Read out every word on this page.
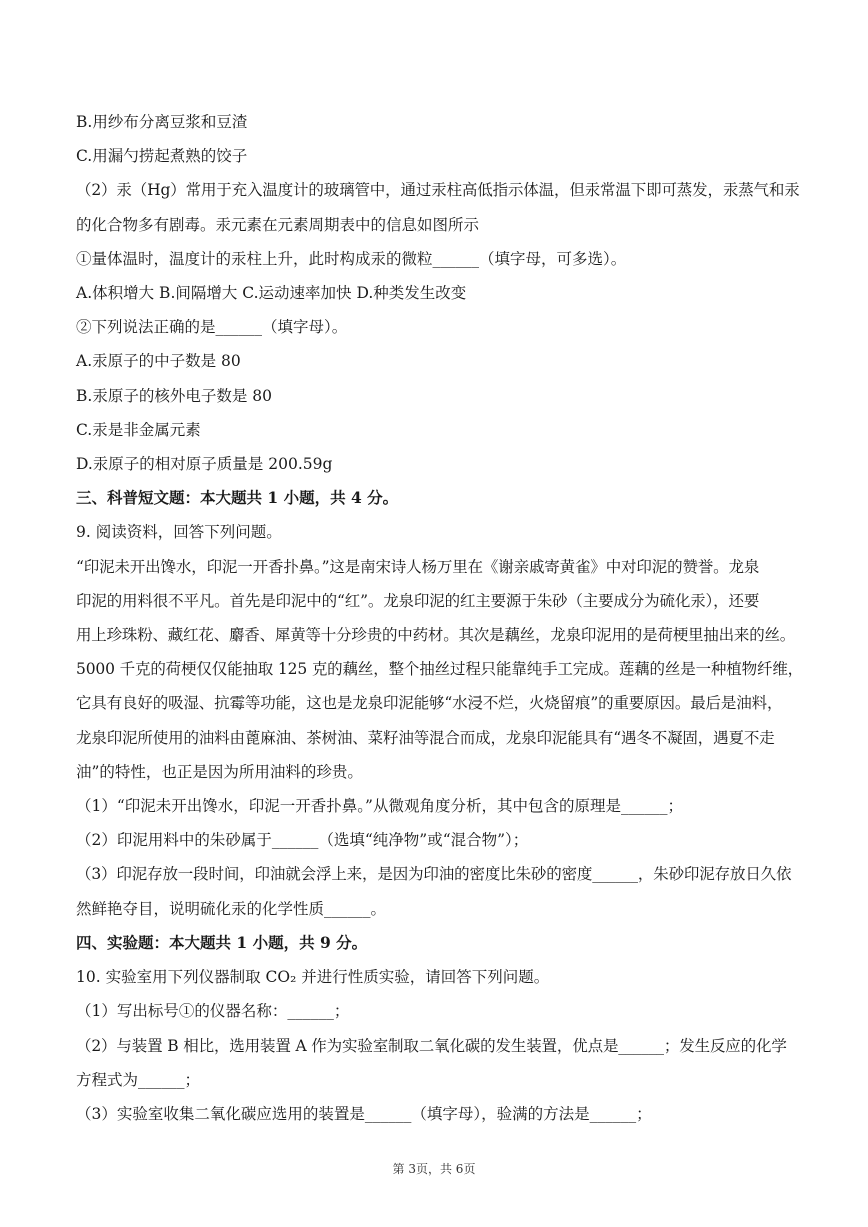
B.用纱布分离豆浆和豆渣
C.用漏勺捞起煮熟的饺子
（2）汞（Hg）常用于充入温度计的玻璃管中，通过汞柱高低指示体温，但汞常温下即可蒸发，汞蒸气和汞
的化合物多有剧毒。汞元素在元素周期表中的信息如图所示
①量体温时，温度计的汞柱上升，此时构成汞的微粒______（填字母，可多选）。
A.体积增大 B.间隔增大 C.运动速率加快 D.种类发生改变
②下列说法正确的是______（填字母）。
A.汞原子的中子数是 80
B.汞原子的核外电子数是 80
C.汞是非金属元素
D.汞原子的相对原子质量是 200.59g
三、科普短文题：本大题共 1 小题，共 4 分。
9. 阅读资料，回答下列问题。
“印泥未开出馋水，印泥一开香扑鼻。”这是南宋诗人杨万里在《谢亲戚寄黄雀》中对印泥的赞誉。龙泉
印泥的用料很不平凡。首先是印泥中的“红”。龙泉印泥的红主要源于朱砂（主要成分为硫化汞），还要
用上珍珠粉、藏红花、麝香、犀黄等十分珍贵的中药材。其次是藕丝，龙泉印泥用的是荷梗里抽出来的丝。
5000 千克的荷梗仅仅能抽取 125 克的藕丝，整个抽丝过程只能靠纯手工完成。莲藕的丝是一种植物纤维，
它具有良好的吸湿、抗霉等功能，这也是龙泉印泥能够“水浸不烂，火烧留痕”的重要原因。最后是油料，
龙泉印泥所使用的油料由蓖麻油、茶树油、菜籽油等混合而成，龙泉印泥能具有“遇冬不凝固，遇夏不走
油”的特性，也正是因为所用油料的珍贵。
（1）“印泥未开出馋水，印泥一开香扑鼻。”从微观角度分析，其中包含的原理是______；
（2）印泥用料中的朱砂属于______（选填“纯净物”或“混合物”）；
（3）印泥存放一段时间，印油就会浮上来，是因为印油的密度比朱砂的密度______，朱砂印泥存放日久依
然鲜艳夺目，说明硫化汞的化学性质______。
四、实验题：本大题共 1 小题，共 9 分。
10. 实验室用下列仪器制取 CO₂ 并进行性质实验，请回答下列问题。
（1）写出标号①的仪器名称：______；
（2）与装置 B 相比，选用装置 A 作为实验室制取二氧化碳的发生装置，优点是______；发生反应的化学
方程式为______；
（3）实验室收集二氧化碳应选用的装置是______（填字母），验满的方法是______；
第 3页，共 6页
